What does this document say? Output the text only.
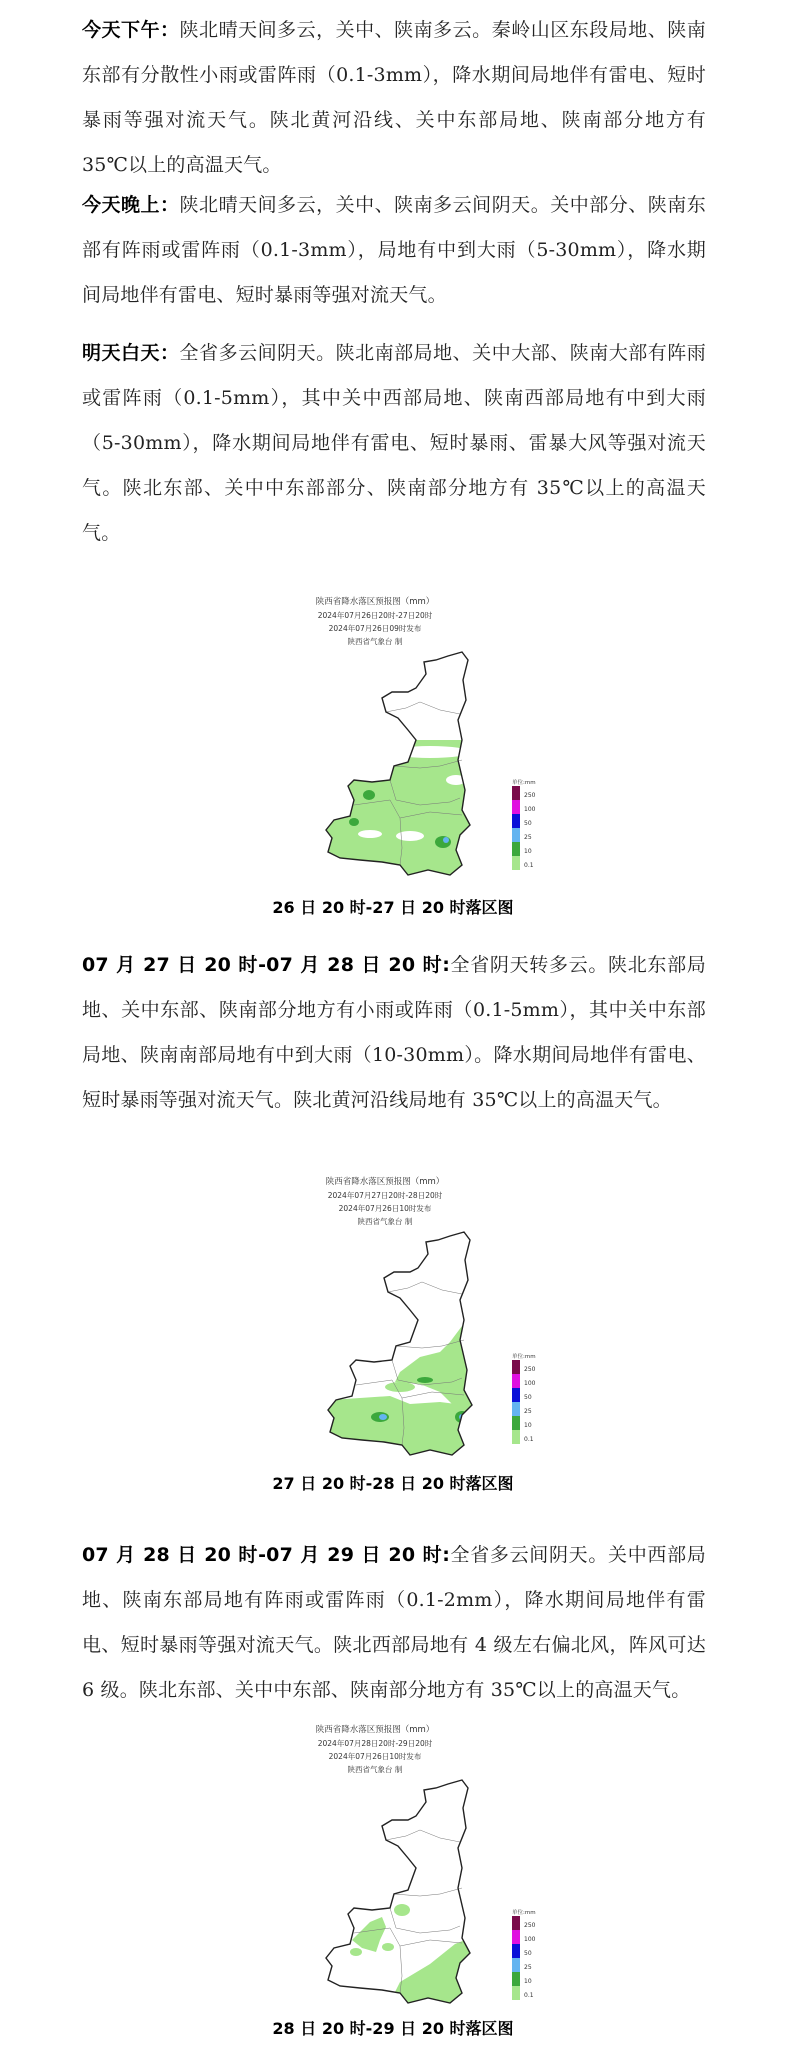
今天下午：陕北晴天间多云，关中、陕南多云。秦岭山区东段局地、陕南东部有分散性小雨或雷阵雨（0.1-3mm），降水期间局地伴有雷电、短时暴雨等强对流天气。陕北黄河沿线、关中东部局地、陕南部分地方有 35℃以上的高温天气。
今天晚上：陕北晴天间多云，关中、陕南多云间阴天。关中部分、陕南东部有阵雨或雷阵雨（0.1-3mm），局地有中到大雨（5-30mm），降水期间局地伴有雷电、短时暴雨等强对流天气。
明天白天：全省多云间阴天。陕北南部局地、关中大部、陕南大部有阵雨或雷阵雨（0.1-5mm），其中关中西部局地、陕南西部局地有中到大雨（5-30mm），降水期间局地伴有雷电、短时暴雨、雷暴大风等强对流天气。陕北东部、关中中东部部分、陕南部分地方有 35℃以上的高温天气。
陕西省降水落区预报图（mm）
2024年07月26日20时-27日20时
2024年07月26日09时发布
陕西省气象台 制
单位:mm
250
100
50
25
10
0.1
26 日 20 时-27 日 20 时落区图
07 月 27 日 20 时-07 月 28 日 20 时:全省阴天转多云。陕北东部局地、关中东部、陕南部分地方有小雨或阵雨（0.1-5mm），其中关中东部局地、陕南南部局地有中到大雨（10-30mm）。降水期间局地伴有雷电、短时暴雨等强对流天气。陕北黄河沿线局地有 35℃以上的高温天气。
陕西省降水落区预报图（mm）
2024年07月27日20时-28日20时
2024年07月26日10时发布
陕西省气象台 制
单位:mm
250
100
50
25
10
0.1
27 日 20 时-28 日 20 时落区图
07 月 28 日 20 时-07 月 29 日 20 时:全省多云间阴天。关中西部局地、陕南东部局地有阵雨或雷阵雨（0.1-2mm），降水期间局地伴有雷电、短时暴雨等强对流天气。陕北西部局地有 4 级左右偏北风，阵风可达 6 级。陕北东部、关中中东部、陕南部分地方有 35℃以上的高温天气。
陕西省降水落区预报图（mm）
2024年07月28日20时-29日20时
2024年07月26日10时发布
陕西省气象台 制
单位:mm
250
100
50
25
10
0.1
28 日 20 时-29 日 20 时落区图
